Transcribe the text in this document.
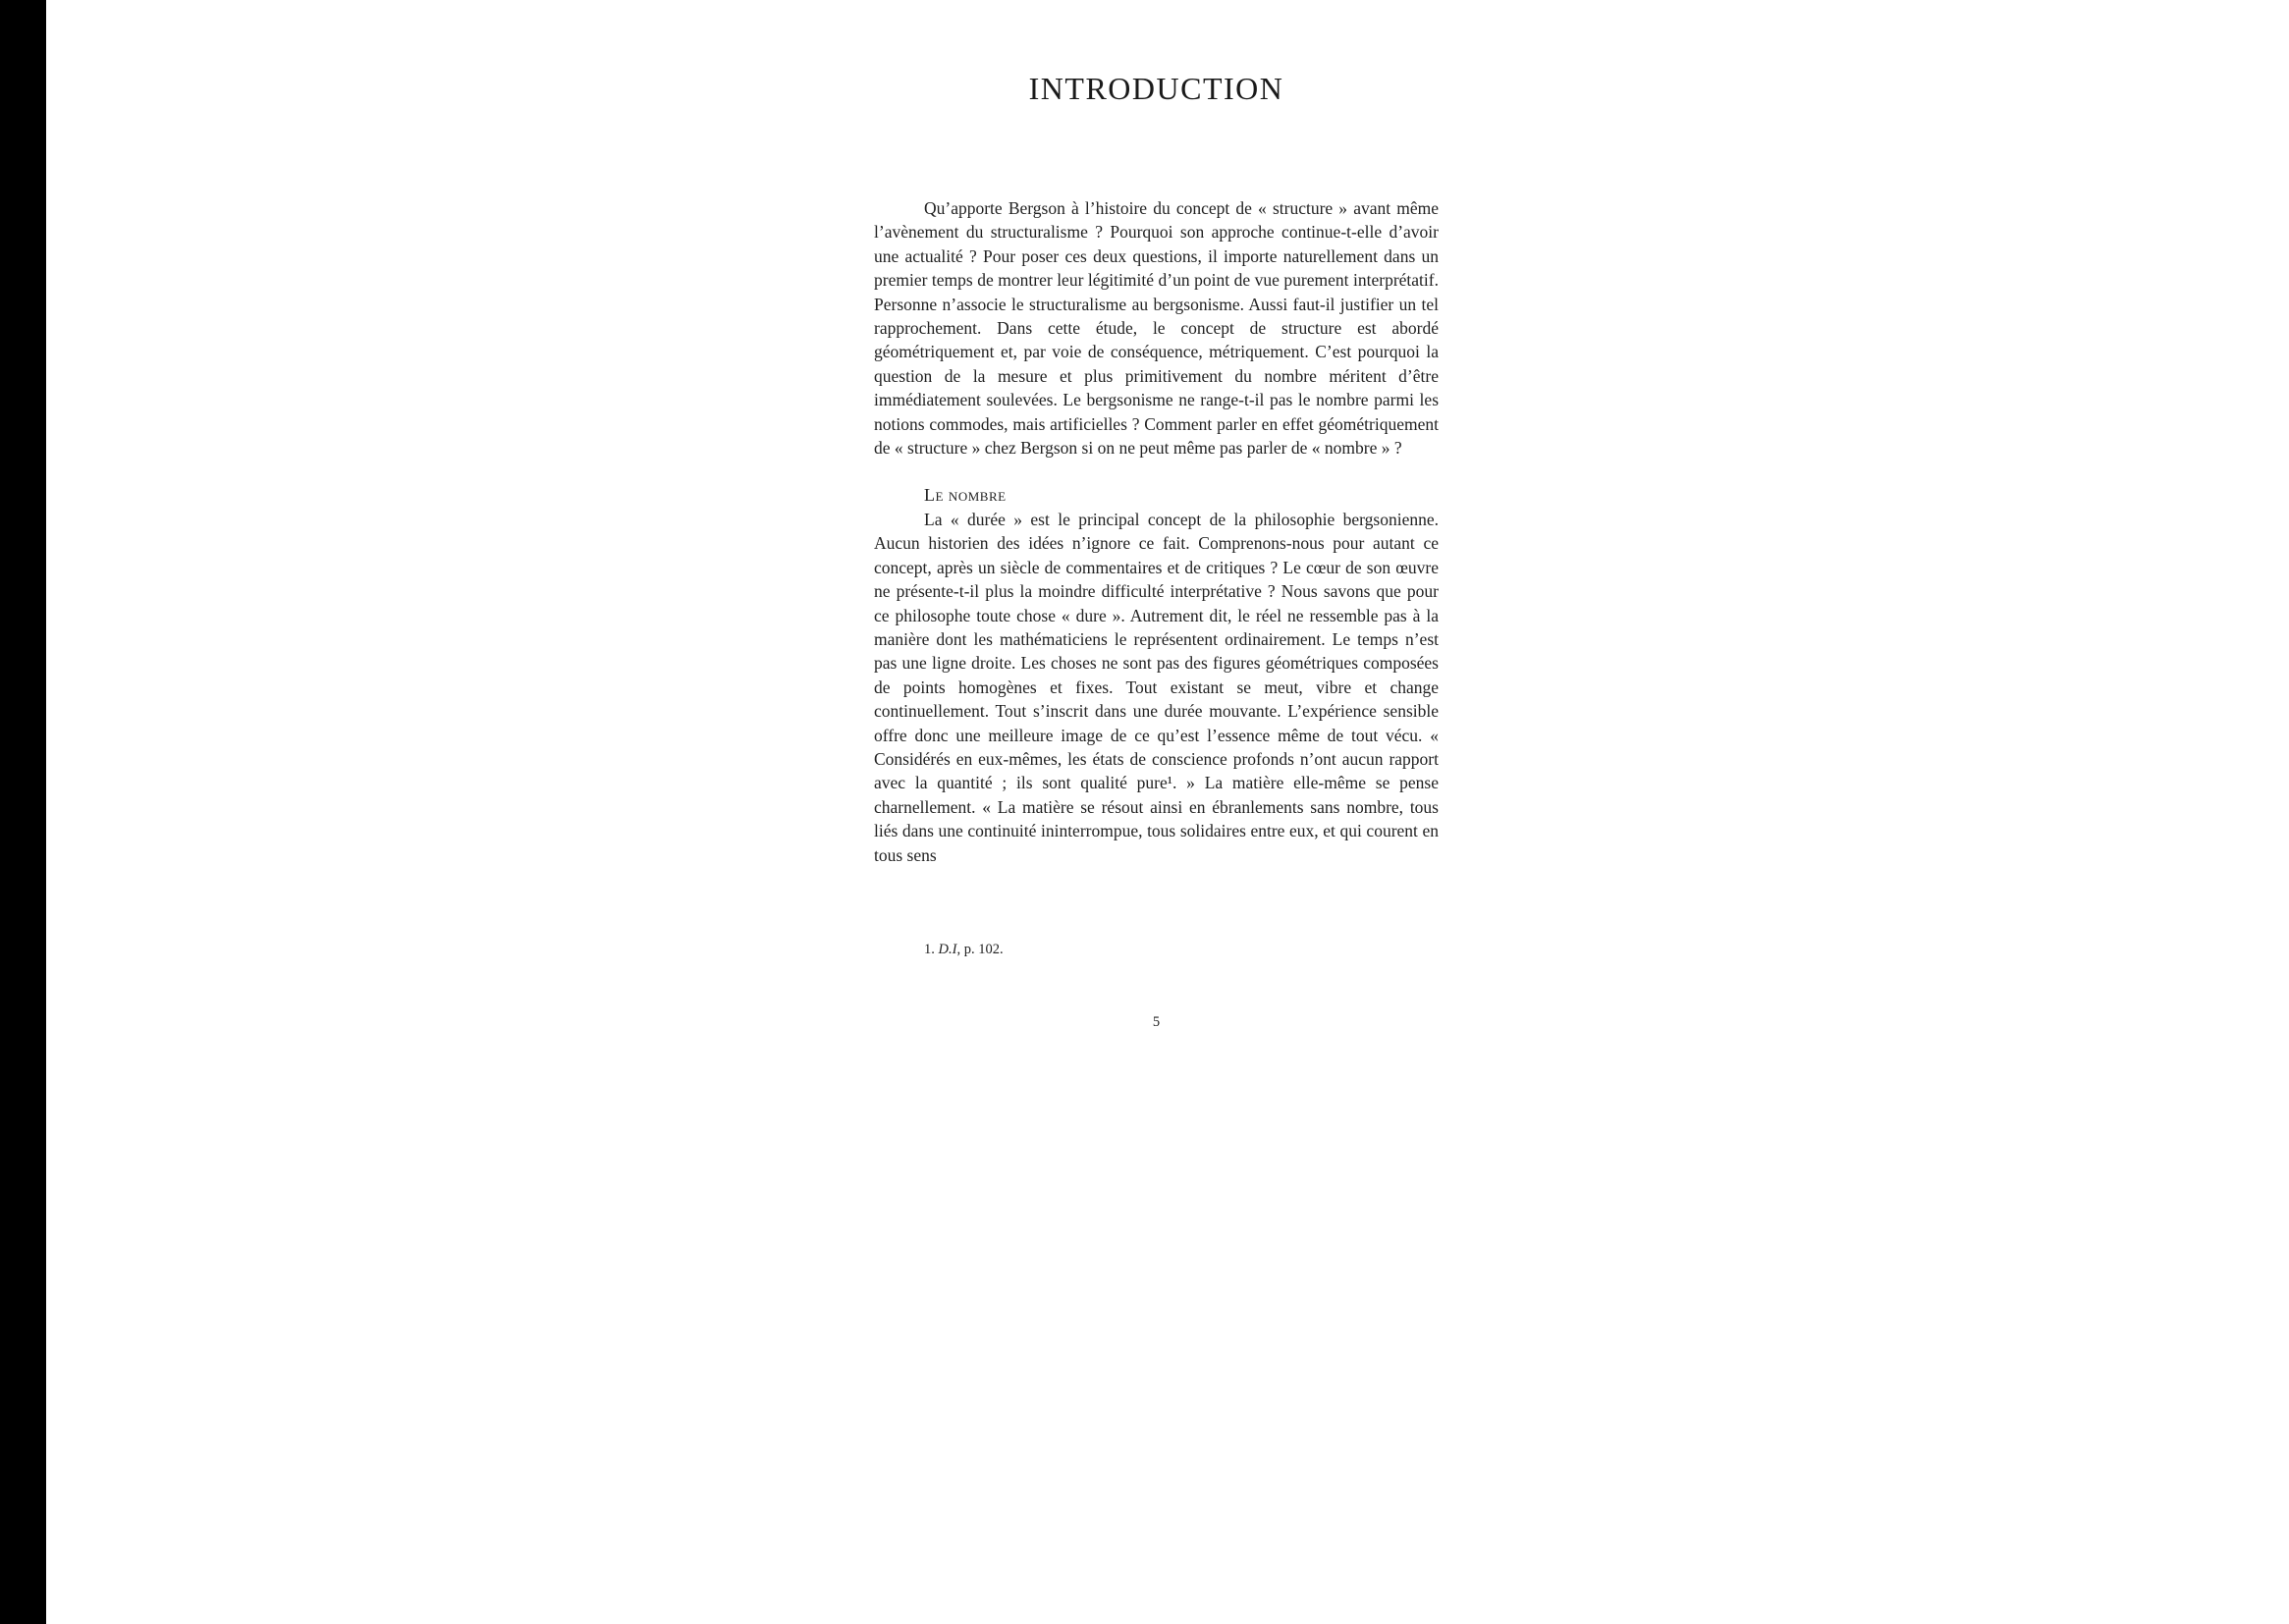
INTRODUCTION

Qu’apporte Bergson à l’histoire du concept de « structure » avant même l’avènement du structuralisme ? Pourquoi son approche continue-t-elle d’avoir une actualité ? Pour poser ces deux questions, il importe naturellement dans un premier temps de montrer leur légitimité d’un point de vue purement interprétatif. Personne n’associe le structuralisme au bergsonisme. Aussi faut-il justifier un tel rapprochement. Dans cette étude, le concept de structure est abordé géométriquement et, par voie de conséquence, métriquement. C’est pourquoi la question de la mesure et plus primitivement du nombre méritent d’être immédiatement soulevées. Le bergsonisme ne range-t-il pas le nombre parmi les notions commodes, mais artificielles ? Comment parler en effet géométriquement de « structure » chez Bergson si on ne peut même pas parler de « nombre » ?

Le nombre

La « durée » est le principal concept de la philosophie bergsonienne. Aucun historien des idées n’ignore ce fait. Comprenons-nous pour autant ce concept, après un siècle de commentaires et de critiques ? Le cœur de son œuvre ne présente-t-il plus la moindre difficulté interprétative ? Nous savons que pour ce philosophe toute chose « dure ». Autrement dit, le réel ne ressemble pas à la manière dont les mathématiciens le représentent ordinairement. Le temps n’est pas une ligne droite. Les choses ne sont pas des figures géométriques composées de points homogènes et fixes. Tout existant se meut, vibre et change continuellement. Tout s’inscrit dans une durée mouvante. L’expérience sensible offre donc une meilleure image de ce qu’est l’essence même de tout vécu. « Considérés en eux-mêmes, les états de conscience profonds n’ont aucun rapport avec la quantité ; ils sont qualité pure¹. » La matière elle-même se pense charnellement. « La matière se résout ainsi en ébranlements sans nombre, tous liés dans une continuité ininterrompue, tous solidaires entre eux, et qui courent en tous sens

1. D.I, p. 102.
5
